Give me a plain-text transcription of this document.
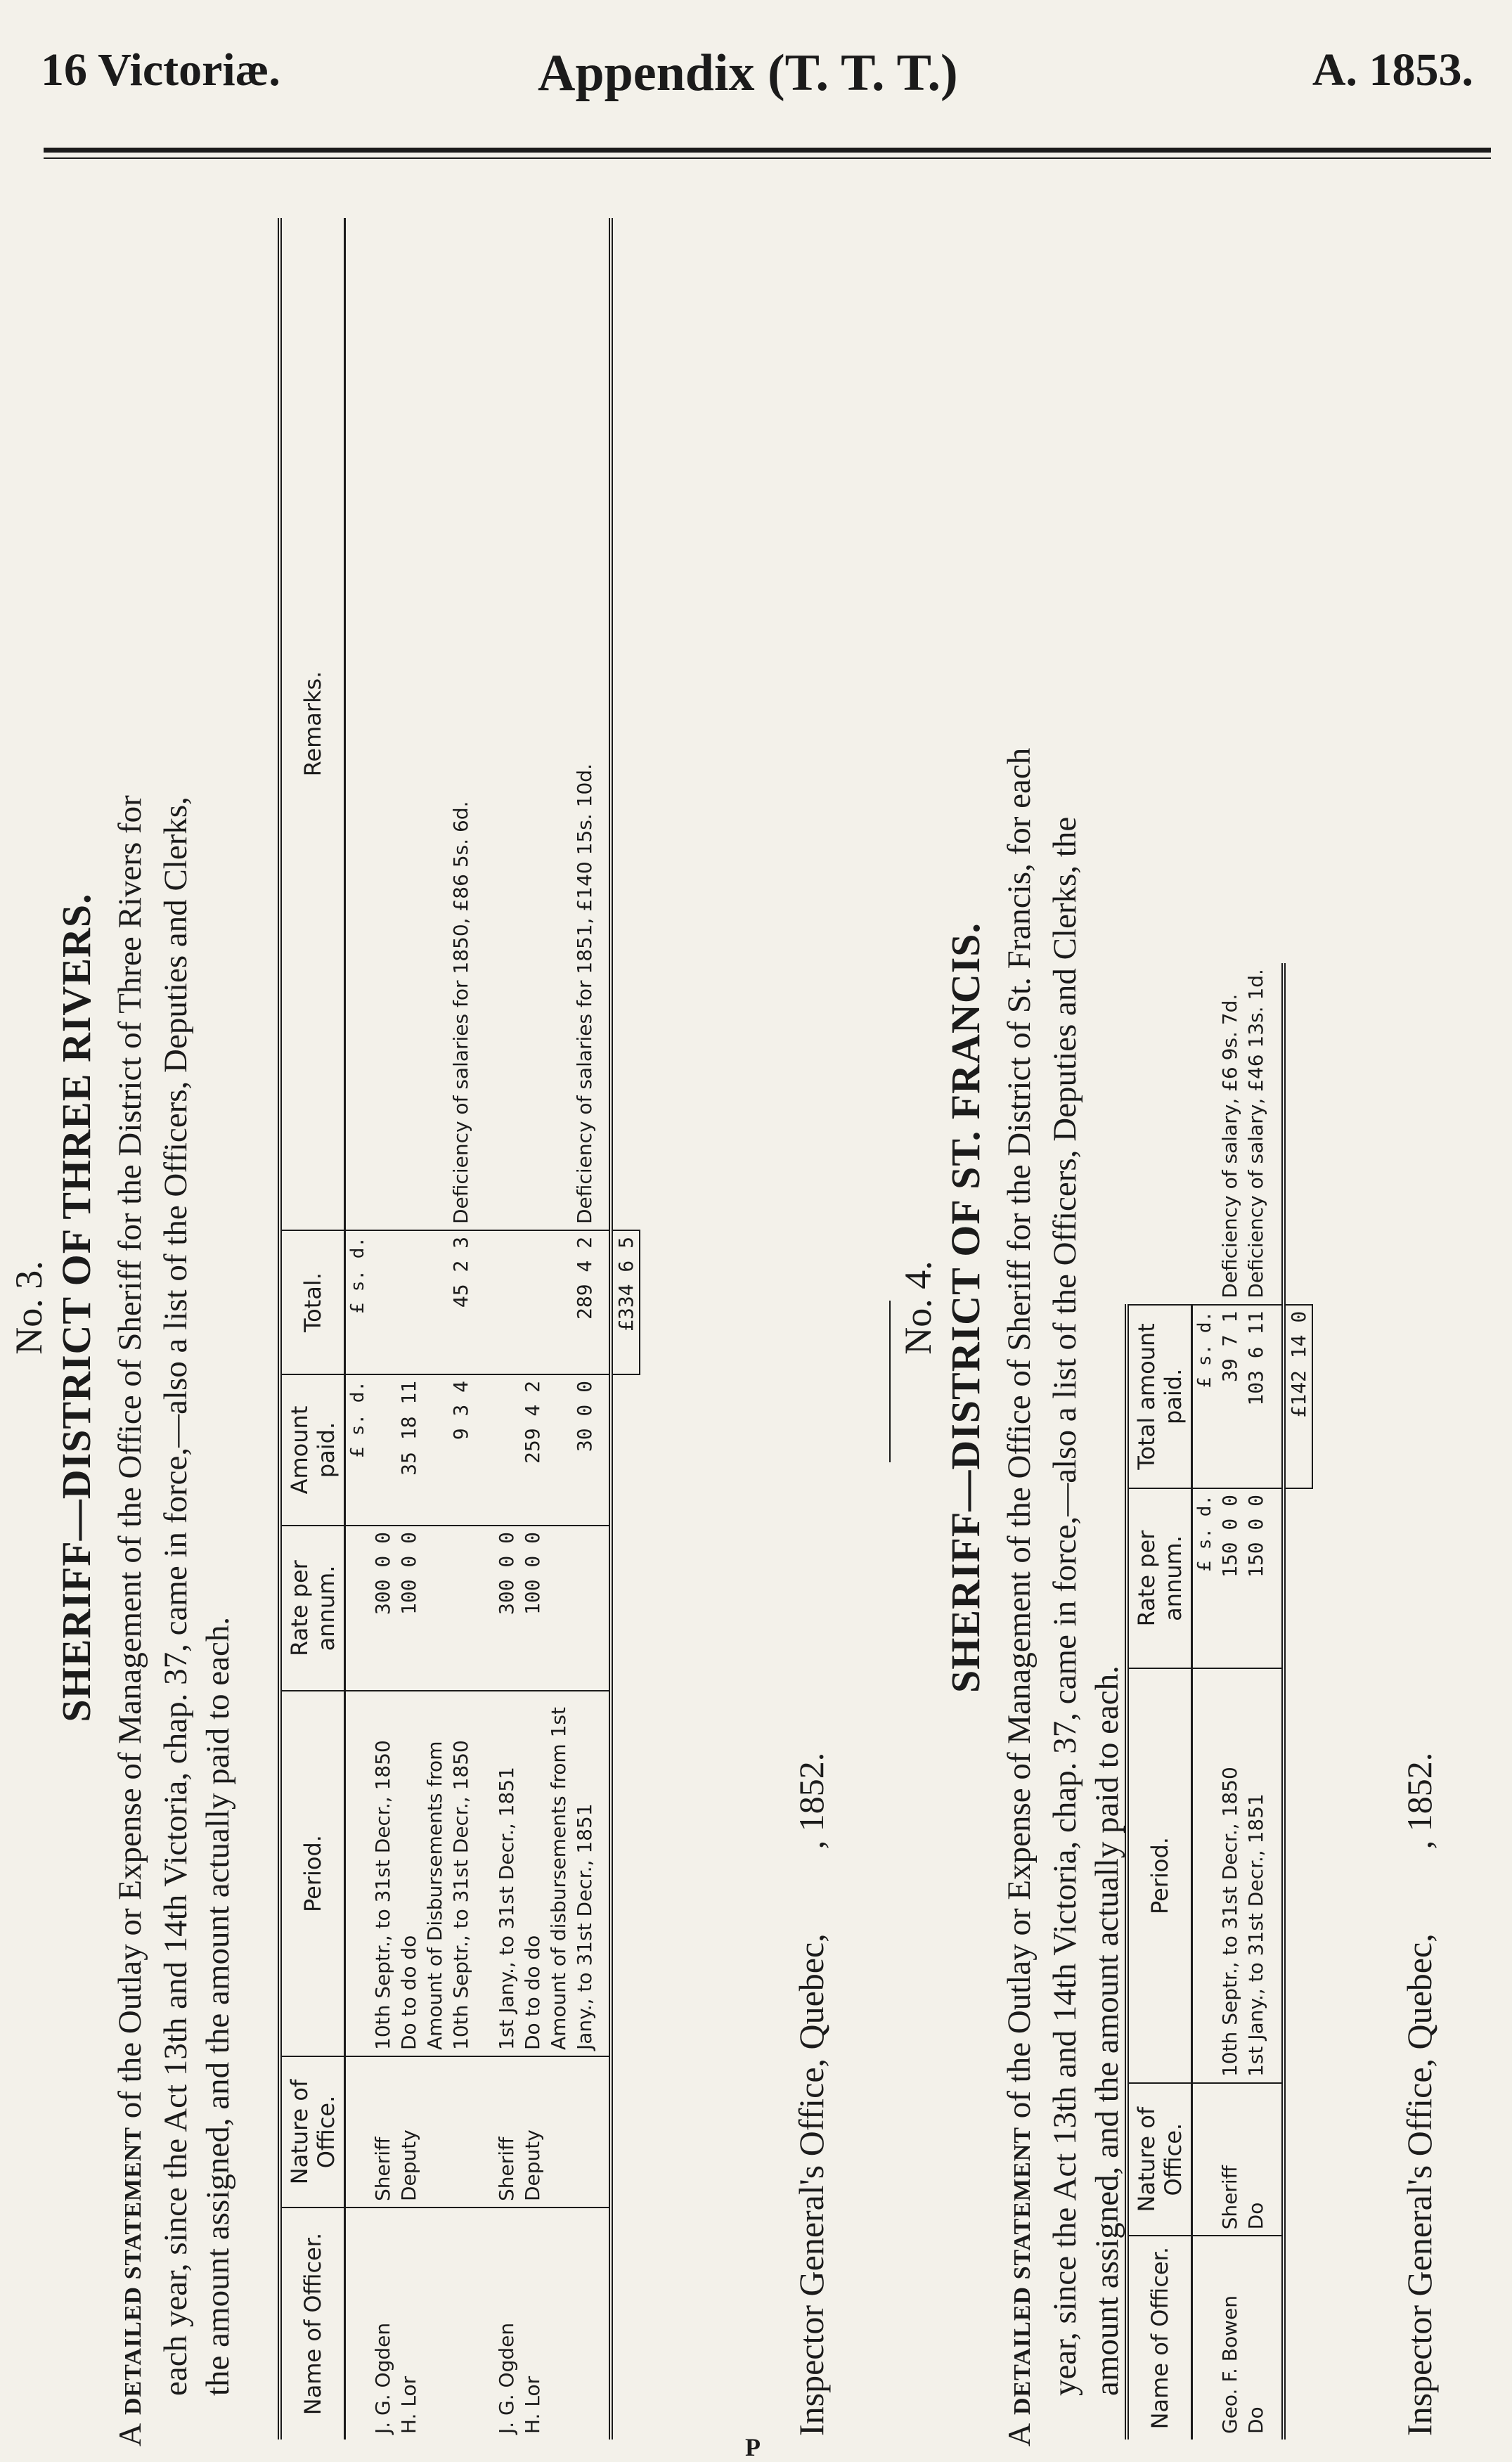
16 Victoriæ.	Appendix (T. T. T.)	A. 1853.
No. 3. SHERIFF—DISTRICT OF THREE RIVERS.
A DETAILED STATEMENT of the Outlay or Expense of Management of the Office of Sheriff for the District of Three Rivers for each year, since the Act 13th and 14th Victoria, chap. 37, came in force,—also a list of the Officers, Deputies and Clerks, the amount assigned, and the amount actually paid to each.	Name of Officer.	Nature of Office.	Period.	Rate per annum.	Amount paid.	Total.	Remarks.
				£ s. d.	£ s. d.	
J. G. Ogden	Sheriff	10th Septr., to 31st Decr., 1850	300 0 0			
H. Lor	Deputy	Do to do do	100 0 0	35 18 11		
		Amount of Disbursements from				
		10th Septr., to 31st Decr., 1850		9 3 4	45 2 3	Deficiency of salaries for 1850, £86 5s. 6d.
J. G. Ogden	Sheriff	1st Jany., to 31st Decr., 1851	300 0 0			
H. Lor	Deputy	Do to do do	100 0 0	259 4 2		
		Amount of disbursements from 1st				
		Jany., to 31st Decr., 1851		30 0 0	289 4 2	Deficiency of salaries for 1851, £140 15s. 10d.
					£334 6 5	
Inspector General's Office, Quebec,, 1852.
No. 4. SHERIFF—DISTRICT OF ST. FRANCIS.
A DETAILED STATEMENT of the Outlay or Expense of Management of the Office of Sheriff for the District of St. Francis, for each year, since the Act 13th and 14th Victoria, chap. 37, came in force,—also a list of the Officers, Deputies and Clerks, the amount assigned, and the amount actually paid to each. Name of Officer.	Nature of Office.	Period.	Rate per annum.	Total amount paid.	
			£ s. d.	£ s. d.	
Geo. F. Bowen	Sheriff	10th Septr., to 31st Decr., 1850	150 0 0	39 7 1	Deficiency of salary, £6 9s. 7d.
Do	Do	1st Jany., to 31st Decr., 1851	150 0 0	103 6 11	Deficiency of salary, £46 13s. 1d.
				£142 14 0	
Inspector General's Office, Quebec,, 1852.
P
